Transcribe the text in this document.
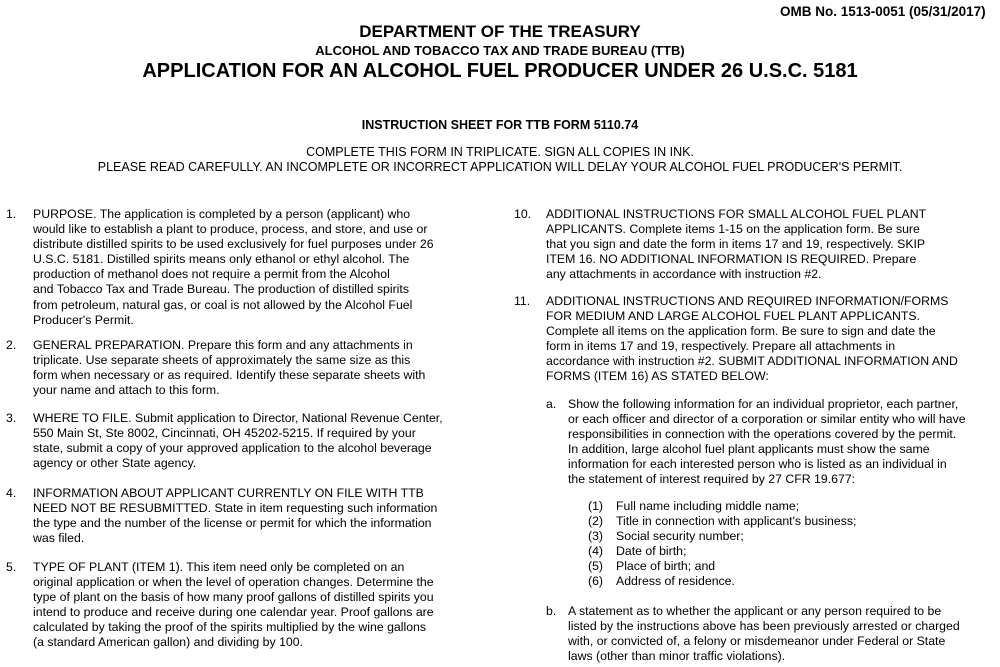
OMB No. 1513-0051 (05/31/2017)
DEPARTMENT OF THE TREASURY
ALCOHOL AND TOBACCO TAX AND TRADE BUREAU (TTB)
APPLICATION FOR AN ALCOHOL FUEL PRODUCER UNDER 26 U.S.C. 5181
INSTRUCTION SHEET FOR TTB FORM 5110.74
COMPLETE THIS FORM IN TRIPLICATE. SIGN ALL COPIES IN INK.
PLEASE READ CAREFULLY. AN INCOMPLETE OR INCORRECT APPLICATION WILL DELAY YOUR ALCOHOL FUEL PRODUCER'S PERMIT.
1. PURPOSE. The application is completed by a person (applicant) who
would like to establish a plant to produce, process, and store, and use or
distribute distilled spirits to be used exclusively for fuel purposes under 26
U.S.C. 5181. Distilled spirits means only ethanol or ethyl alcohol. The
production of methanol does not require a permit from the Alcohol
and Tobacco Tax and Trade Bureau. The production of distilled spirits
from petroleum, natural gas, or coal is not allowed by the Alcohol Fuel
Producer's Permit.
2. GENERAL PREPARATION. Prepare this form and any attachments in
triplicate. Use separate sheets of approximately the same size as this
form when necessary or as required. Identify these separate sheets with
your name and attach to this form.
3. WHERE TO FILE. Submit application to Director, National Revenue Center,
550 Main St, Ste 8002, Cincinnati, OH 45202-5215. If required by your
state, submit a copy of your approved application to the alcohol beverage
agency or other State agency.
4. INFORMATION ABOUT APPLICANT CURRENTLY ON FILE WITH TTB
NEED NOT BE RESUBMITTED. State in item requesting such information
the type and the number of the license or permit for which the information
was filed.
5. TYPE OF PLANT (ITEM 1). This item need only be completed on an
original application or when the level of operation changes. Determine the
type of plant on the basis of how many proof gallons of distilled spirits you
intend to produce and receive during one calendar year. Proof gallons are
calculated by taking the proof of the spirits multiplied by the wine gallons
(a standard American gallon) and dividing by 100.
10. ADDITIONAL INSTRUCTIONS FOR SMALL ALCOHOL FUEL PLANT
APPLICANTS. Complete items 1-15 on the application form. Be sure
that you sign and date the form in items 17 and 19, respectively. SKIP
ITEM 16. NO ADDITIONAL INFORMATION IS REQUIRED. Prepare
any attachments in accordance with instruction #2.
11. ADDITIONAL INSTRUCTIONS AND REQUIRED INFORMATION/FORMS
FOR MEDIUM AND LARGE ALCOHOL FUEL PLANT APPLICANTS.
Complete all items on the application form. Be sure to sign and date the
form in items 17 and 19, respectively. Prepare all attachments in
accordance with instruction #2. SUBMIT ADDITIONAL INFORMATION AND
FORMS (ITEM 16) AS STATED BELOW:
a. Show the following information for an individual proprietor, each partner,
or each officer and director of a corporation or similar entity who will have
responsibilities in connection with the operations covered by the permit.
In addition, large alcohol fuel plant applicants must show the same
information for each interested person who is listed as an individual in
the statement of interest required by 27 CFR 19.677:
(1) Full name including middle name;
(2) Title in connection with applicant's business;
(3) Social security number;
(4) Date of birth;
(5) Place of birth; and
(6) Address of residence.
b. A statement as to whether the applicant or any person required to be
listed by the instructions above has been previously arrested or charged
with, or convicted of, a felony or misdemeanor under Federal or State
laws (other than minor traffic violations).
